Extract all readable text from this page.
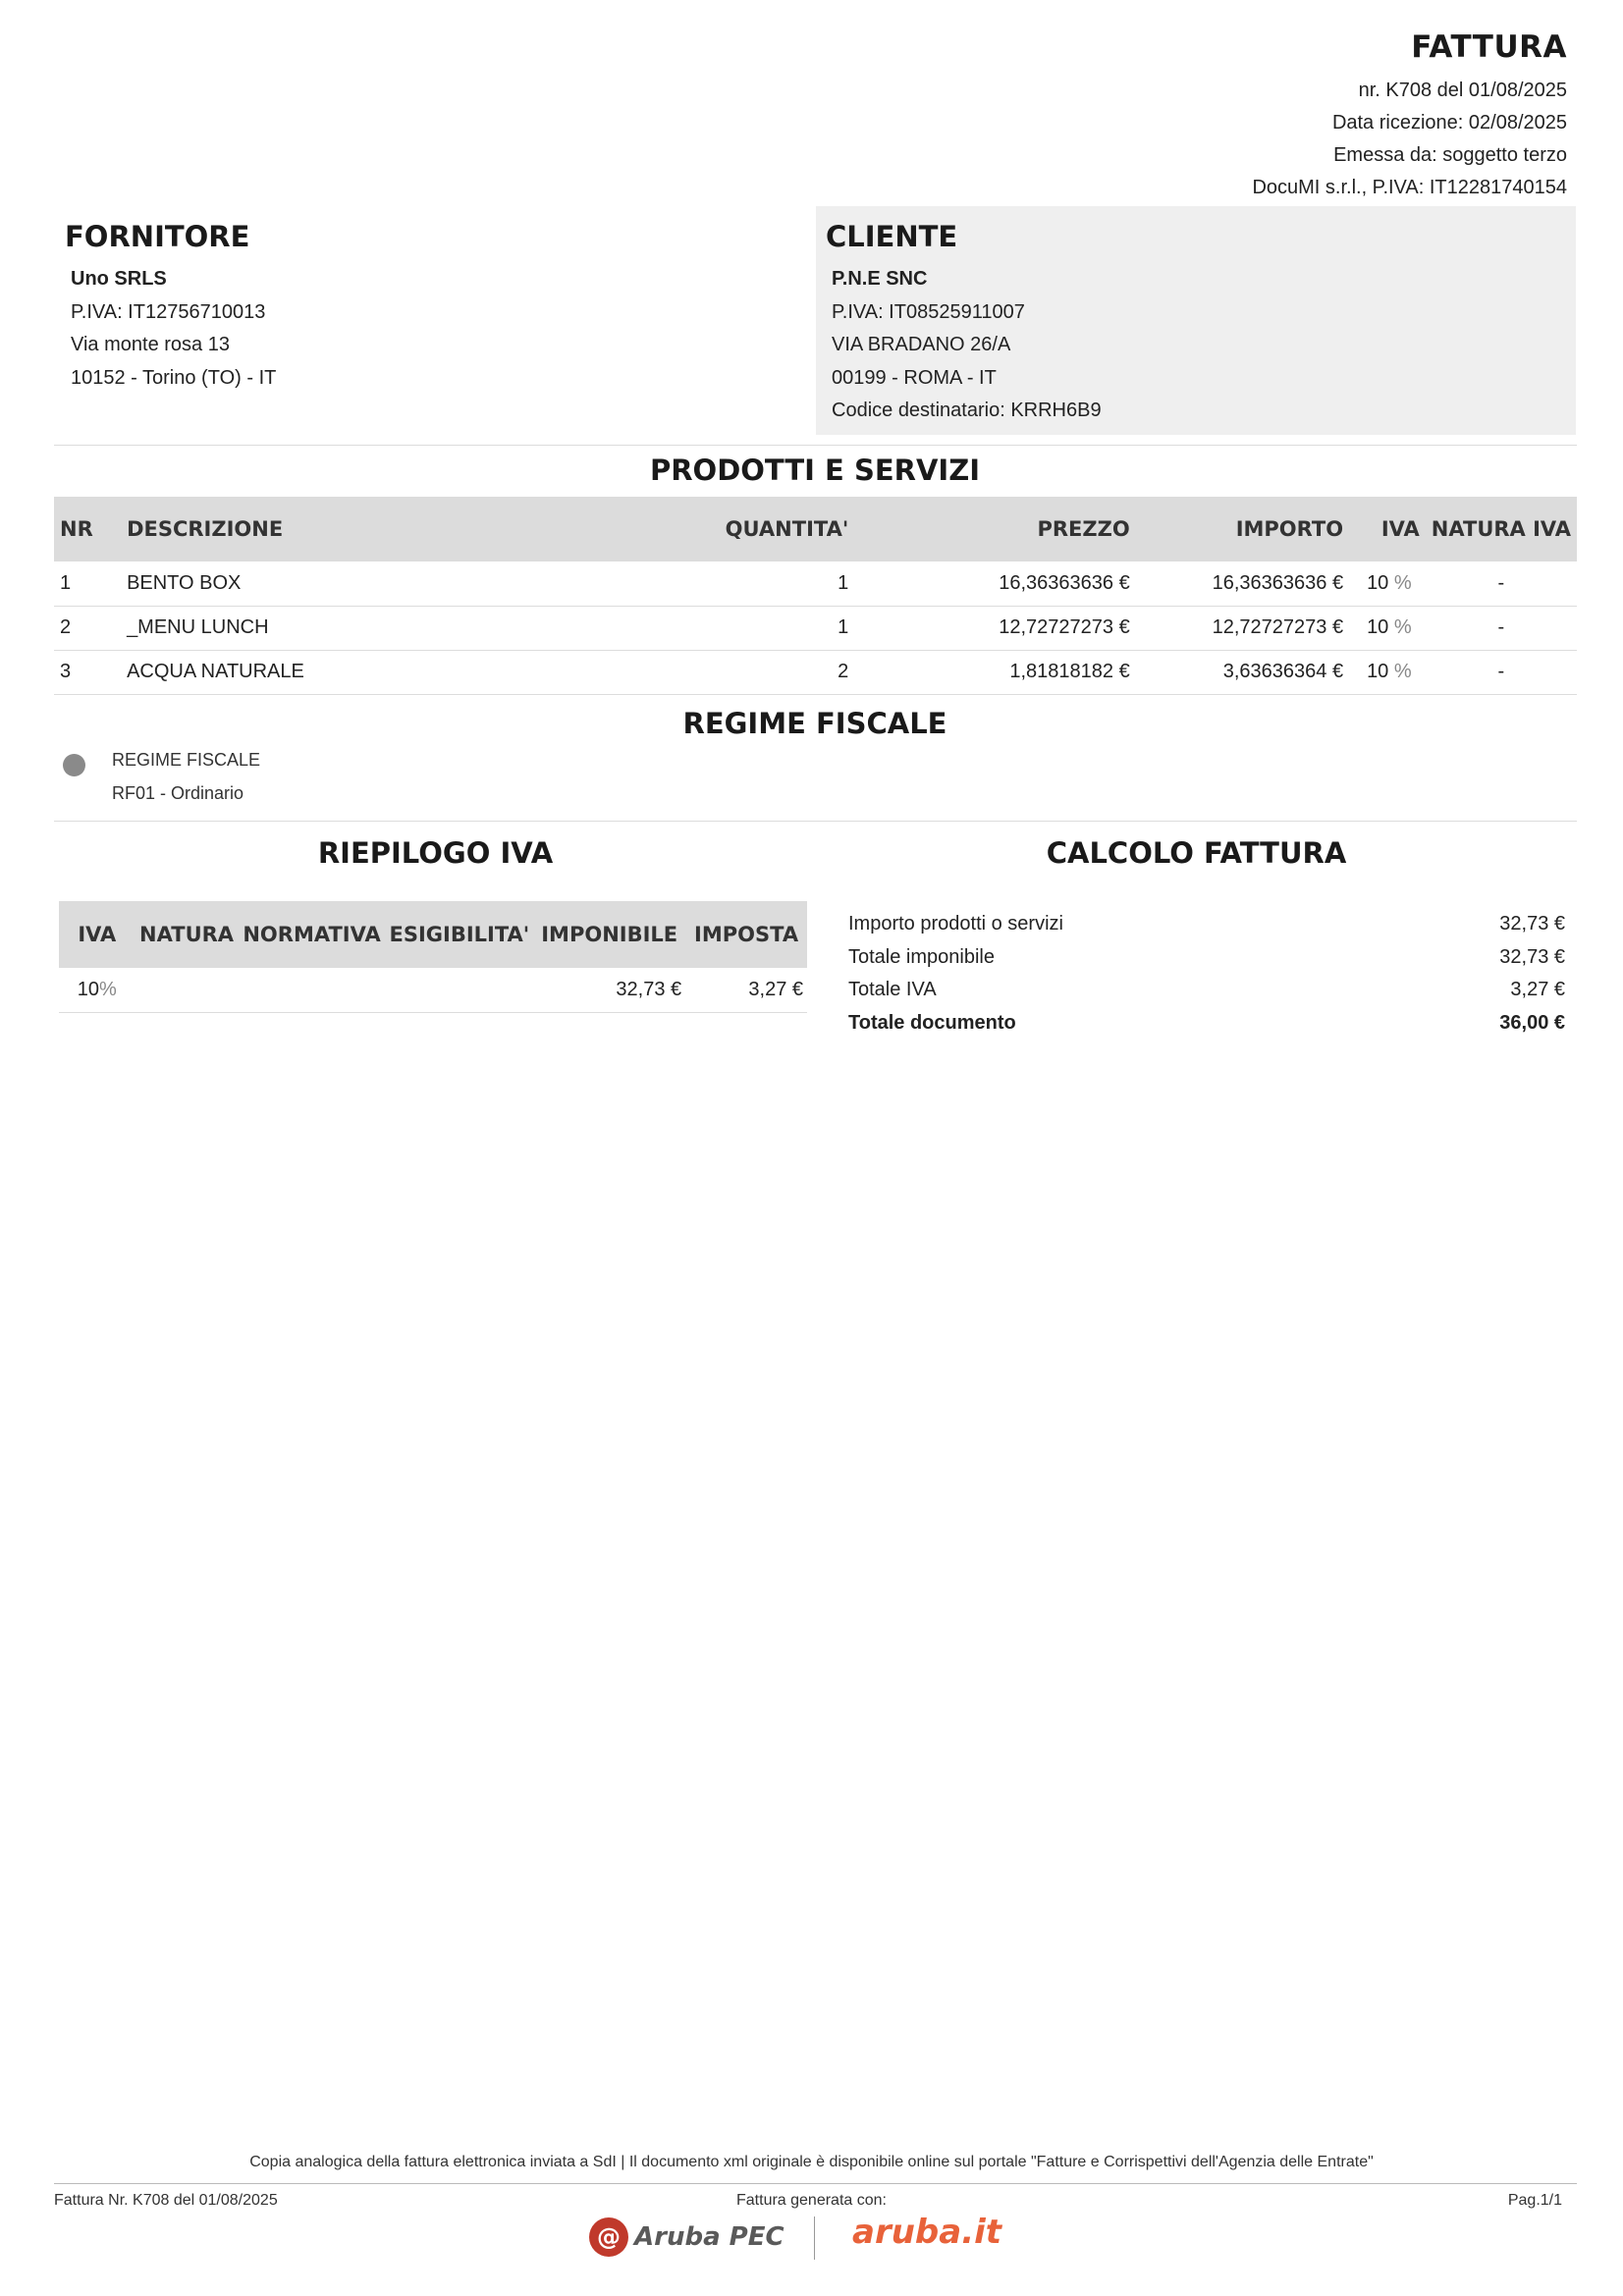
FATTURA
nr. K708 del 01/08/2025
Data ricezione: 02/08/2025
Emessa da: soggetto terzo
DocuMI s.r.l., P.IVA: IT12281740154
FORNITORE
Uno SRLS
P.IVA: IT12756710013
Via monte rosa 13
10152 - Torino (TO) - IT
CLIENTE
P.N.E SNC
P.IVA: IT08525911007
VIA BRADANO 26/A
00199 - ROMA - IT
Codice destinatario: KRRH6B9
PRODOTTI E SERVIZI
NR	DESCRIZIONE	QUANTITA'	PREZZO	IMPORTO	IVA	NATURA IVA
1	BENTO BOX	1	16,36363636 €	16,36363636 €	10 %	-
2	_MENU LUNCH	1	12,72727273 €	12,72727273 €	10 %	-
3	ACQUA NATURALE	2	1,81818182 €	3,63636364 €	10 %	-
REGIME FISCALE
REGIME FISCALE
RF01 - Ordinario
RIEPILOGO IVA
IVA	NATURA	NORMATIVA	ESIGIBILITA'	IMPONIBILE	IMPOSTA
10%				32,73 €	3,27 €
CALCOLO FATTURA
Importo prodotti o servizi	32,73 €
Totale imponibile	32,73 €
Totale IVA	3,27 €
Totale documento	36,00 €
Copia analogica della fattura elettronica inviata a SdI | Il documento xml originale è disponibile online sul portale "Fatture e Corrispettivi dell'Agenzia delle Entrate"
Fattura Nr. K708 del 01/08/2025	Fattura generata con:	Pag.1/1
@ Aruba PEC aruba.it
